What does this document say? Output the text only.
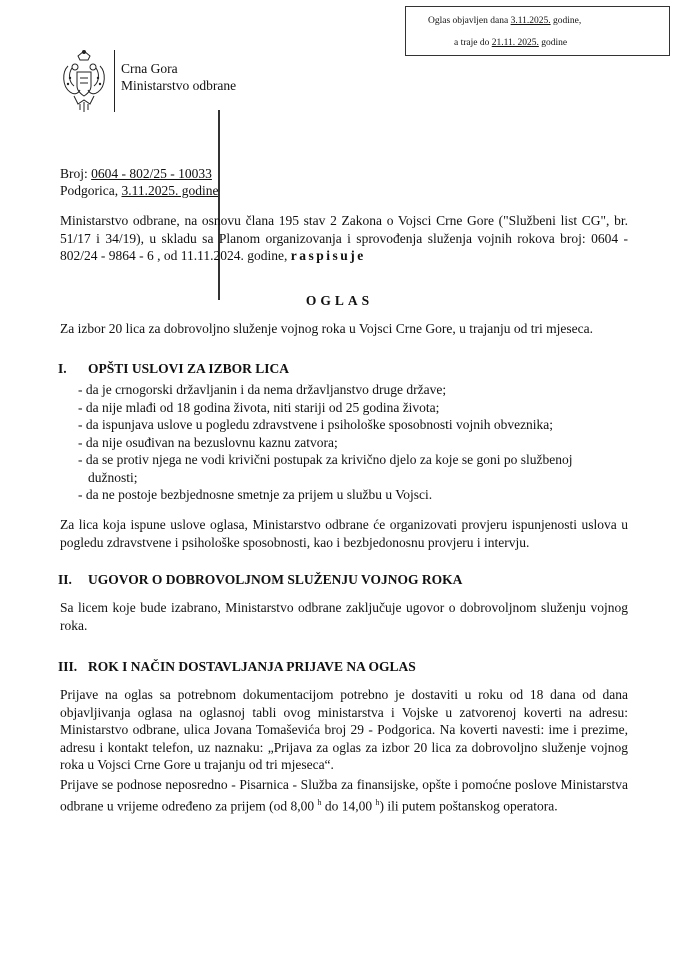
Oglas objavljen dana 3.11.2025. godine,
a traje do 21.11. 2025. godine
Crna Gora
Ministarstvo odbrane
Broj: 0604 - 802/25 - 10033
Podgorica, 3.11.2025. godine
Ministarstvo odbrane, na osnovu člana 195 stav 2 Zakona o Vojsci Crne Gore ("Službeni list CG", br. 51/17 i 34/19), u skladu sa Planom organizovanja i sprovođenja služenja vojnih rokova broj: 0604 - 802/24 - 9864 - 6 , od 11.11.2024. godine, raspisuje
OGLAS
Za izbor 20 lica za dobrovoljno služenje vojnog roka u Vojsci Crne Gore, u trajanju od tri mjeseca.
I. OPŠTI USLOVI ZA IZBOR LICA
- da je crnogorski državljanin i da nema državljanstvo druge države;
- da nije mlađi od 18 godina života, niti stariji od 25 godina života;
- da ispunjava uslove u pogledu zdravstvene i psihološke sposobnosti vojnih obveznika;
- da nije osuđivan na bezuslovnu kaznu zatvora;
- da se protiv njega ne vodi krivični postupak za krivično djelo za koje se goni po službenoj dužnosti;
- da ne postoje bezbjednosne smetnje za prijem u službu u Vojsci.
Za lica koja ispune uslove oglasa, Ministarstvo odbrane će organizovati provjeru ispunjenosti uslova u pogledu zdravstvene i psihološke sposobnosti, kao i bezbjedonosnu provjeru i intervju.
II. UGOVOR O DOBROVOLJNOM SLUŽENJU VOJNOG ROKA
Sa licem koje bude izabrano, Ministarstvo odbrane zaključuje ugovor o dobrovoljnom služenju vojnog roka.
III. ROK I NAČIN DOSTAVLJANJA PRIJAVE NA OGLAS
Prijave na oglas sa potrebnom dokumentacijom potrebno je dostaviti u roku od 18 dana od dana objavljivanja oglasa na oglasnoj tabli ovog ministarstva i Vojske u zatvorenoj koverti na adresu: Ministarstvo odbrane, ulica Jovana Tomaševića broj 29 - Podgorica. Na koverti navesti: ime i prezime, adresu i kontakt telefon, uz naznaku: „Prijava za oglas za izbor 20 lica za dobrovoljno služenje vojnog roka u Vojsci Crne Gore u trajanju od tri mjeseca“.
Prijave se podnose neposredno - Pisarnica - Služba za finansijske, opšte i pomoćne poslove Ministarstva odbrane u vrijeme određeno za prijem (od 8,00 $^h$ do 14,00 $^h$) ili putem poštanskog operatora.
